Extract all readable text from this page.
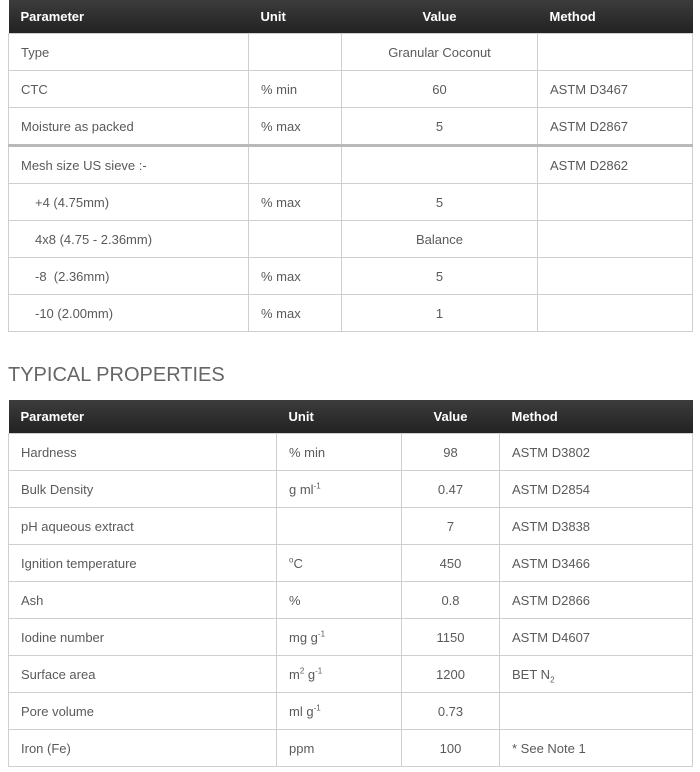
Parameter	Unit	Value	Method
Type		Granular Coconut	
CTC	% min	60	ASTM D3467
Moisture as packed	% max	5	ASTM D2867
Mesh size US sieve :-			ASTM D2862
+4 (4.75mm)	% max	5	
4x8 (4.75 - 2.36mm)		Balance	
-8  (2.36mm)	% max	5	
-10 (2.00mm)	% max	1	
TYPICAL PROPERTIES
Parameter	Unit	Value	Method
Hardness	% min	98	ASTM D3802
Bulk Density	g $ml^{-1}$	0.47	ASTM D2854
pH aqueous extract		7	ASTM D3838
Ignition temperature	$^o$C	450	ASTM D3466
Ash	%	0.8	ASTM D2866
Iodine number	mg $g^{-1}$	1150	ASTM D4607
Surface area	$m^2$ $g^{-1}$	1200	BET $N_2$
Pore volume	ml $g^{-1}$	0.73	
Iron (Fe)	ppm	100	* See Note 1
